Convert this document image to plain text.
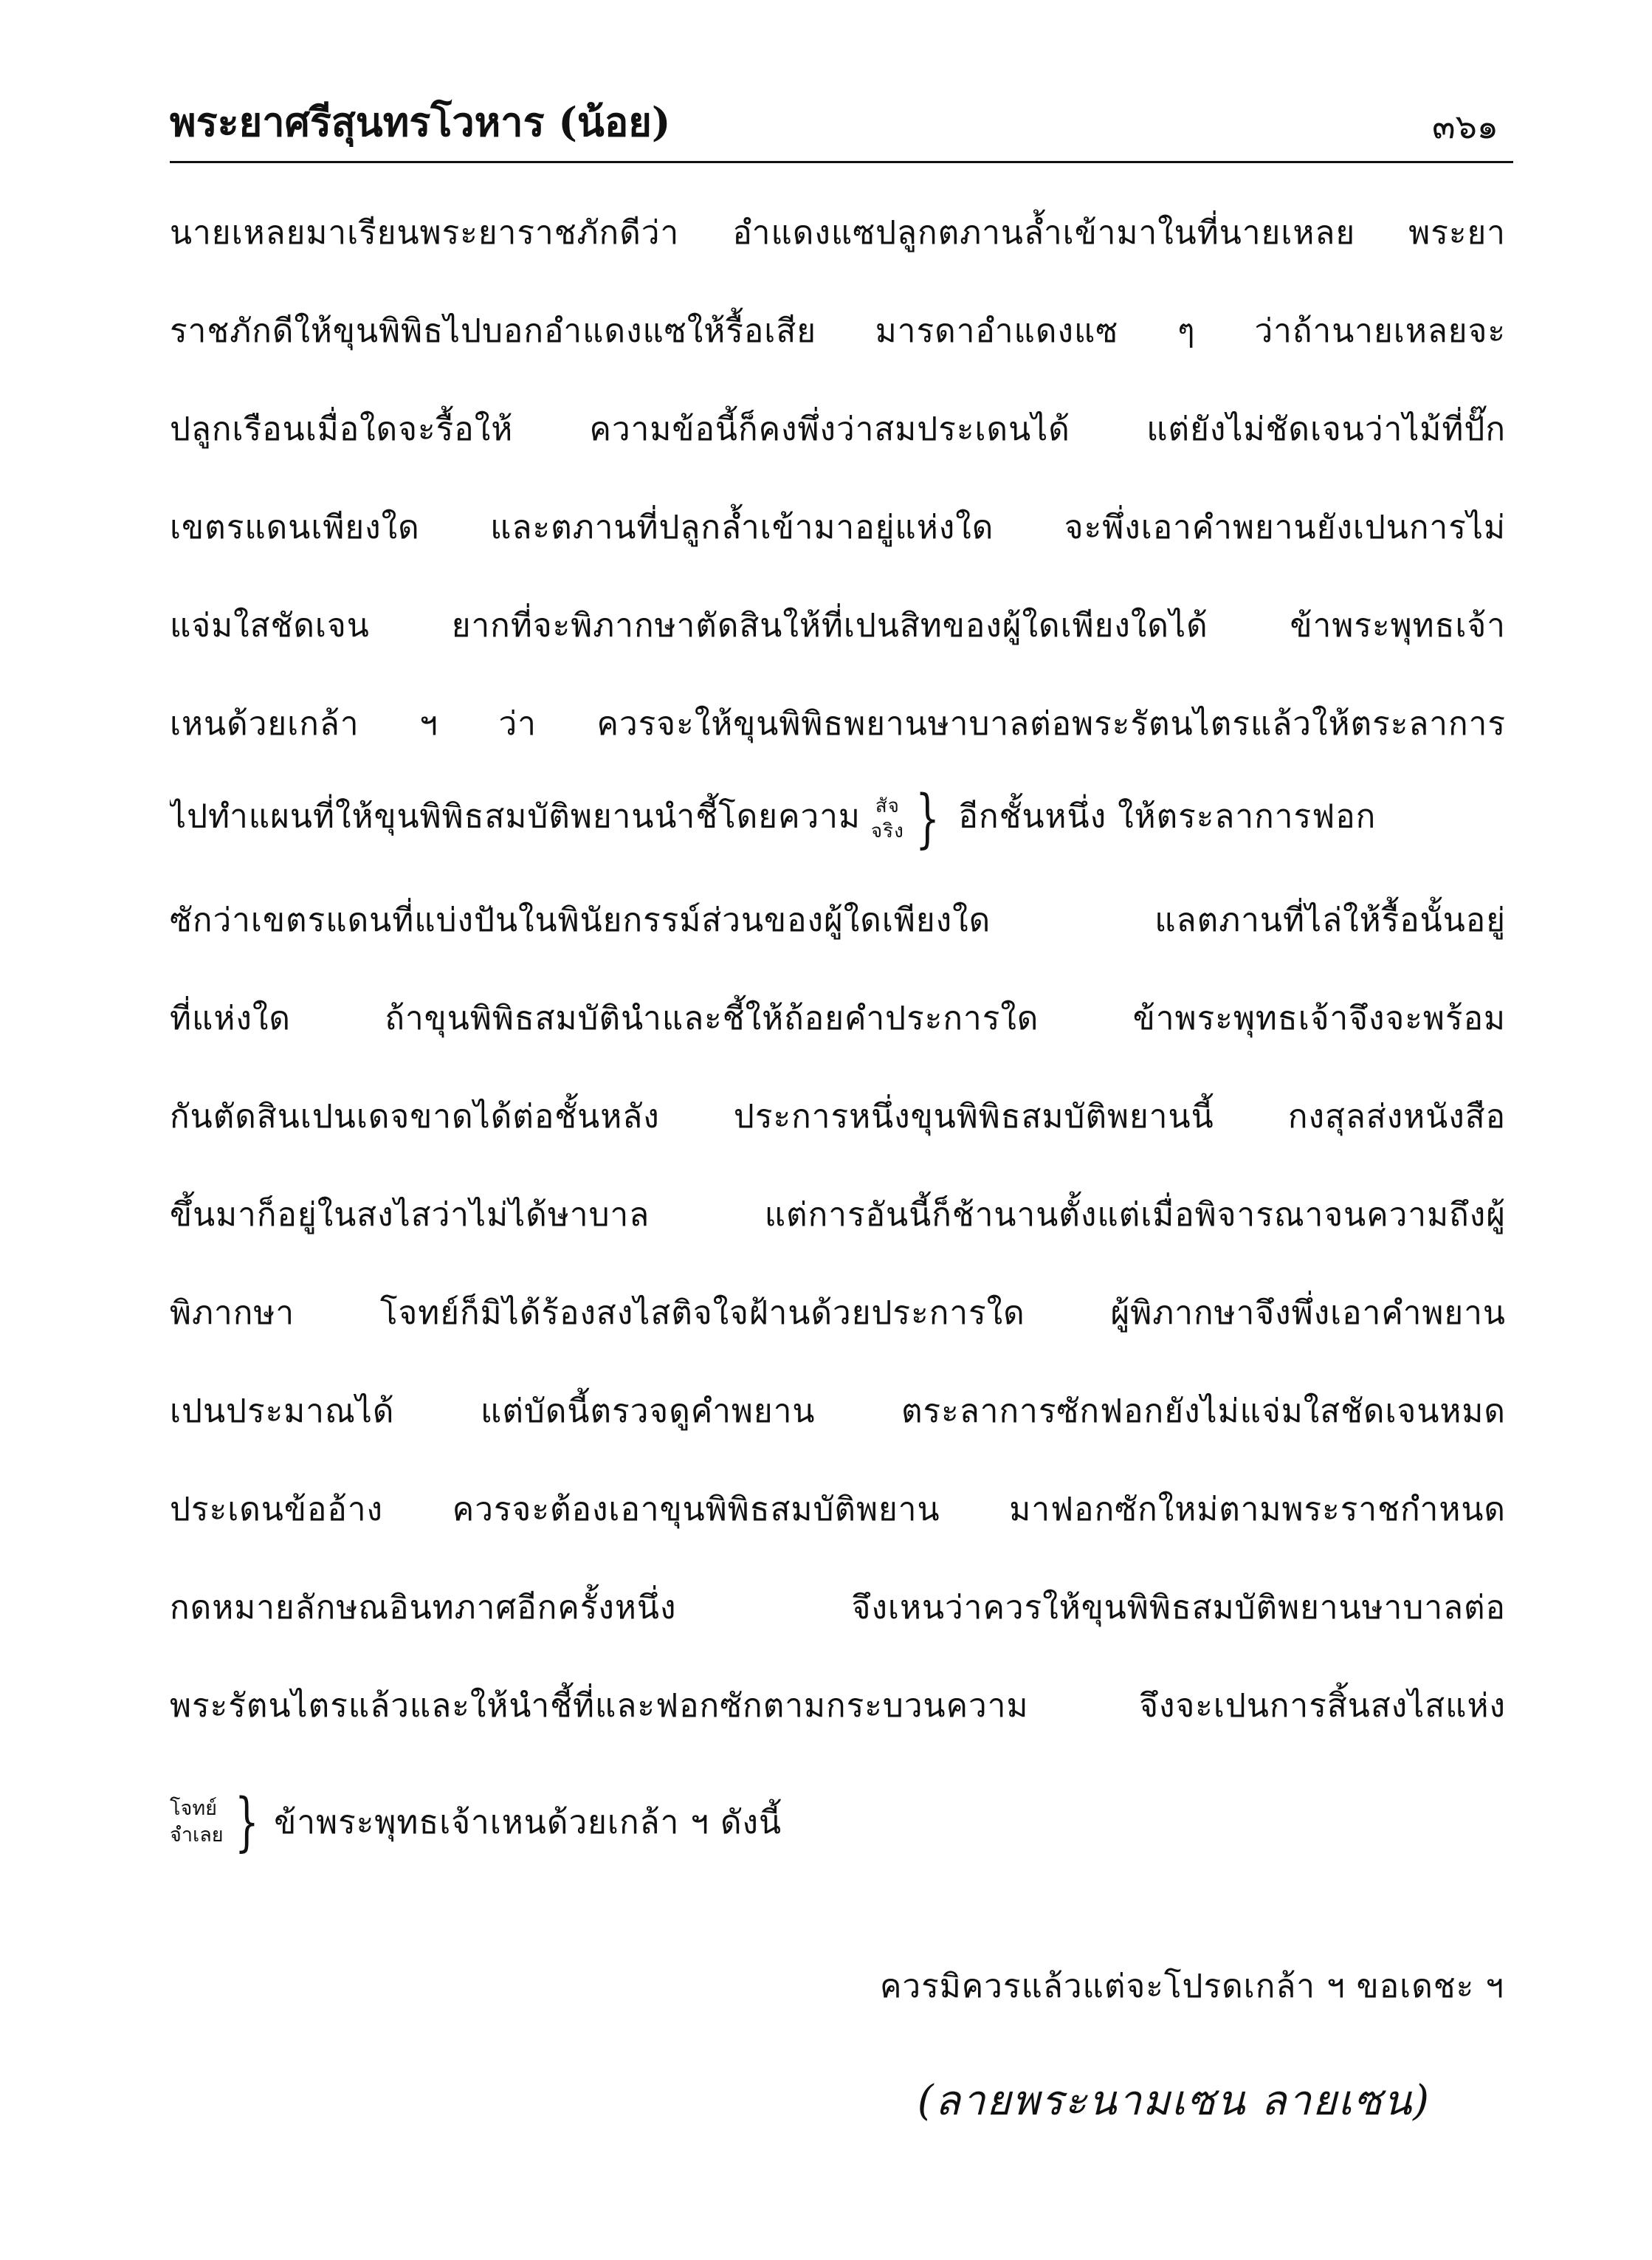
พระยาศรีสุนทรโวหาร (น้อย)	๓๖๑
นายเหลยมาเรียนพระยาราชภักดีว่า อำแดงแซปลูกตภานล้ำเข้ามาในที่นายเหลย พระยา
ราชภักดีให้ขุนพิพิธไปบอกอำแดงแซให้รื้อเสีย มารดาอำแดงแซ ๆ ว่าถ้านายเหลยจะ
ปลูกเรือนเมื่อใดจะรื้อให้ ความข้อนี้ก็คงพึ่งว่าสมประเดนได้ แต่ยังไม่ชัดเจนว่าไม้ที่ปั๊ก
เขตรแดนเพียงใด และตภานที่ปลูกล้ำเข้ามาอยู่แห่งใด จะพึ่งเอาคำพยานยังเปนการไม่
แจ่มใสชัดเจน ยากที่จะพิภากษาตัดสินให้ที่เปนสิทของผู้ใดเพียงใดได้ ข้าพระพุทธเจ้า
เหนด้วยเกล้า ฯ ว่า ควรจะให้ขุนพิพิธพยานษาบาลต่อพระรัตนไตรแล้วให้ตระลาการ
ไปทำแผนที่ให้ขุนพิพิธสมบัติพยานนำชี้โดยความ สัจ
จริง } อีกชั้นหนึ่ง ให้ตระลาการฟอก
ซักว่าเขตรแดนที่แบ่งปันในพินัยกรรม์ส่วนของผู้ใดเพียงใด แลตภานที่ไล่ให้รื้อนั้นอยู่
ที่แห่งใด ถ้าขุนพิพิธสมบัตินำและชี้ให้ถ้อยคำประการใด ข้าพระพุทธเจ้าจึงจะพร้อม
กันตัดสินเปนเดจขาดได้ต่อชั้นหลัง ประการหนึ่งขุนพิพิธสมบัติพยานนี้ กงสุลส่งหนังสือ
ขึ้นมาก็อยู่ในสงไสว่าไม่ได้ษาบาล แต่การอันนี้ก็ช้านานตั้งแต่เมื่อพิจารณาจนความถึงผู้
พิภากษา โจทย์ก็มิได้ร้องสงไสติจใจฝ้านด้วยประการใด ผู้พิภากษาจึงพึ่งเอาคำพยาน
เปนประมาณได้ แต่บัดนี้ตรวจดูคำพยาน ตระลาการซักฟอกยังไม่แจ่มใสชัดเจนหมด
ประเดนข้ออ้าง ควรจะต้องเอาขุนพิพิธสมบัติพยาน มาฟอกซักใหม่ตามพระราชกำหนด
กดหมายลักษณอินทภาศอีกครั้งหนึ่ง จึงเหนว่าควรให้ขุนพิพิธสมบัติพยานษาบาลต่อ
พระรัตนไตรแล้วและให้นำชี้ที่และฟอกซักตามกระบวนความ จึงจะเปนการสิ้นสงไสแห่ง
โจทย์
จำเลย } ข้าพระพุทธเจ้าเหนด้วยเกล้า ฯ ดังนี้
ควรมิควรแล้วแต่จะโปรดเกล้า ฯ ขอเดชะ ฯ
(ลายพระนามเซน ลายเซน)
